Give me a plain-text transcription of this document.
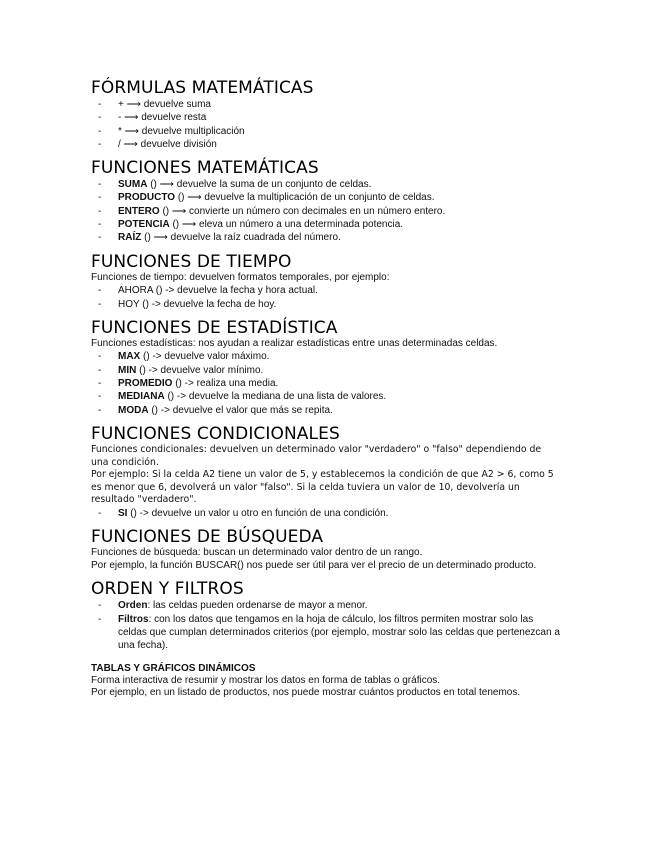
FÓRMULAS MATEMÁTICAS
- + ⟶ devuelve suma
- - ⟶ devuelve resta
- * ⟶ devuelve multiplicación
- / ⟶ devuelve división
FUNCIONES MATEMÁTICAS
- SUMA () ⟶ devuelve la suma de un conjunto de celdas.
- PRODUCTO () ⟶ devuelve la multiplicación de un conjunto de celdas.
- ENTERO () ⟶ convierte un número con decimales en un número entero.
- POTENCIA () ⟶ eleva un número a una determinada potencia.
- RAÍZ () ⟶ devuelve la raíz cuadrada del número.
FUNCIONES DE TIEMPO

Funciones de tiempo: devuelven formatos temporales, por ejemplo:

- AHORA () -> devuelve la fecha y hora actual.
- HOY () -> devuelve la fecha de hoy.
FUNCIONES DE ESTADÍSTICA

Funciones estadísticas: nos ayudan a realizar estadísticas entre unas determinadas celdas.

- MAX () -> devuelve valor máximo.
- MIN () -> devuelve valor mínimo.
- PROMEDIO () -> realiza una media.
- MEDIANA () -> devuelve la mediana de una lista de valores.
- MODA () -> devuelve el valor que más se repita.
FUNCIONES CONDICIONALES

Funciones condicionales: devuelven un determinado valor "verdadero" o "falso" dependiendo de una condición.

Por ejemplo: Si la celda A2 tiene un valor de 5, y establecemos la condición de que A2 > 6, como 5 es menor que 6, devolverá un valor "falso". Si la celda tuviera un valor de 10, devolvería un resultado "verdadero".

- SI () -> devuelve un valor u otro en función de una condición.
FUNCIONES DE BÚSQUEDA

Funciones de búsqueda: buscan un determinado valor dentro de un rango.

Por ejemplo, la función BUSCAR() nos puede ser útil para ver el precio de un determinado producto.

ORDEN Y FILTROS
- Orden: las celdas pueden ordenarse de mayor a menor.
- Filtros: con los datos que tengamos en la hoja de cálculo, los filtros permiten mostrar solo las celdas que cumplan determinados criterios (por ejemplo, mostrar solo las celdas que pertenezcan a una fecha).
TABLAS Y GRÁFICOS DINÁMICOS

Forma interactiva de resumir y mostrar los datos en forma de tablas o gráficos.

Por ejemplo, en un listado de productos, nos puede mostrar cuántos productos en total tenemos.
